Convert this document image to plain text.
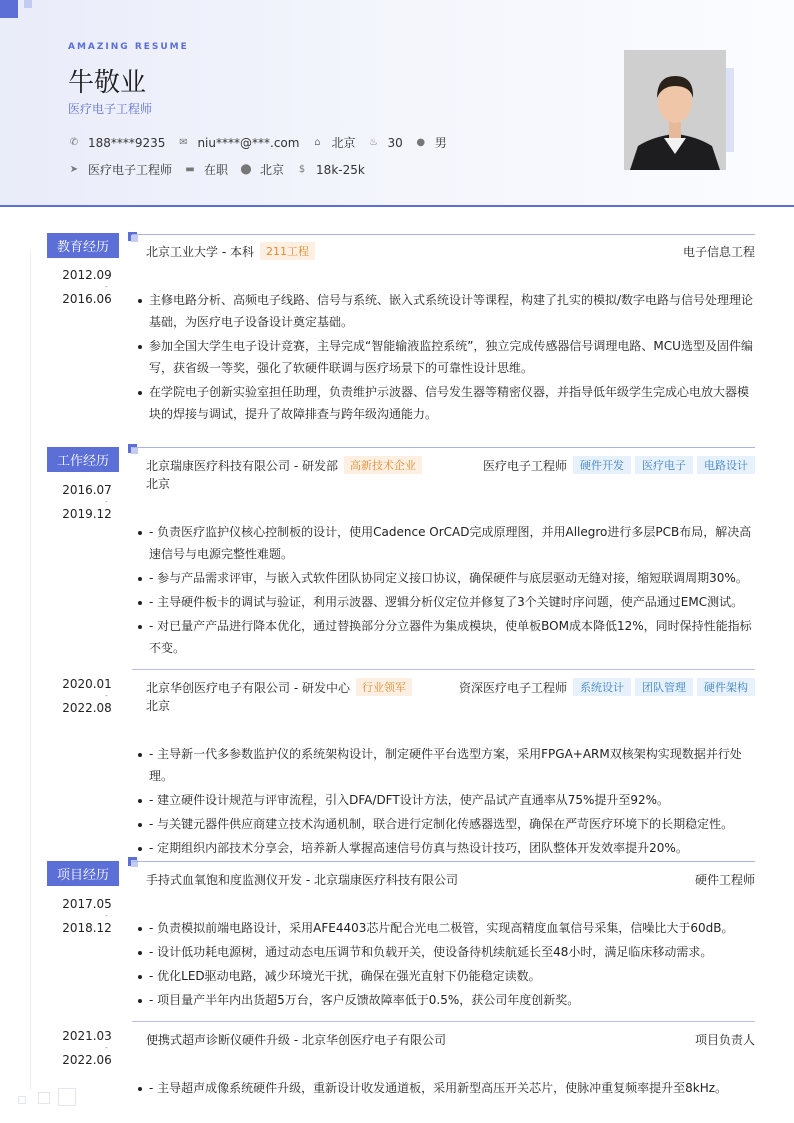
AMAZING RESUME
牛敬业
医疗电子工程师
✆ 188****9235 ✉ niu****@***.com ⌂ 北京 ♨ 30 ● 男
➤ 医疗电子工程师 ▬ 在职 ⬤ 北京 $ 18k-25k
教育经历	北京工业大学 - 本科	211工程	电子信息工程
2012.09
-
2016.06	主修电路分析、高频电子线路、信号与系统、嵌入式系统设计等课程，构建了扎实的模拟/数字电路与信号处理理论基础，为医疗电子设备设计奠定基础。
参加全国大学生电子设计竞赛，主导完成“智能输液监控系统”，独立完成传感器信号调理电路、MCU选型及固件编写，获省级一等奖，强化了软硬件联调与医疗场景下的可靠性设计思维。
在学院电子创新实验室担任助理，负责维护示波器、信号发生器等精密仪器，并指导低年级学生完成心电放大器模块的焊接与调试，提升了故障排查与跨年级沟通能力。
工作经历	北京瑞康医疗科技有限公司 - 研发部	高新技术企业	医疗电子工程师	硬件开发	医疗电子	电路设计
北京
2016.07
-
2019.12
- 负责医疗监护仪核心控制板的设计，使用Cadence OrCAD完成原理图，并用Allegro进行多层PCB布局，解决高速信号与电源完整性难题。
- 参与产品需求评审，与嵌入式软件团队协同定义接口协议，确保硬件与底层驱动无缝对接，缩短联调周期30%。
- 主导硬件板卡的调试与验证，利用示波器、逻辑分析仪定位并修复了3个关键时序问题，使产品通过EMC测试。
- 对已量产产品进行降本优化，通过替换部分分立器件为集成模块，使单板BOM成本降低12%，同时保持性能指标不变。
北京华创医疗电子有限公司 - 研发中心	行业领军	资深医疗电子工程师	系统设计	团队管理	硬件架构
北京
2020.01
-
2022.08
- 主导新一代多参数监护仪的系统架构设计，制定硬件平台选型方案，采用FPGA+ARM双核架构实现数据并行处理。
- 建立硬件设计规范与评审流程，引入DFA/DFT设计方法，使产品试产直通率从75%提升至92%。
- 与关键元器件供应商建立技术沟通机制，联合进行定制化传感器选型，确保在严苛医疗环境下的长期稳定性。
- 定期组织内部技术分享会，培养新人掌握高速信号仿真与热设计技巧，团队整体开发效率提升20%。
项目经历	手持式血氧饱和度监测仪开发 - 北京瑞康医疗科技有限公司	硬件工程师
2017.05
-
2018.12	- 负责模拟前端电路设计，采用AFE4403芯片配合光电二极管，实现高精度血氧信号采集，信噪比大于60dB。
- 设计低功耗电源树，通过动态电压调节和负载开关，使设备待机续航延长至48小时，满足临床移动需求。
- 优化LED驱动电路，减少环境光干扰，确保在强光直射下仍能稳定读数。
- 项目量产半年内出货超5万台，客户反馈故障率低于0.5%，获公司年度创新奖。
便携式超声诊断仪硬件升级 - 北京华创医疗电子有限公司	项目负责人
2021.03
-
2022.06
- 主导超声成像系统硬件升级，重新设计收发通道板，采用新型高压开关芯片，使脉冲重复频率提升至8kHz。
